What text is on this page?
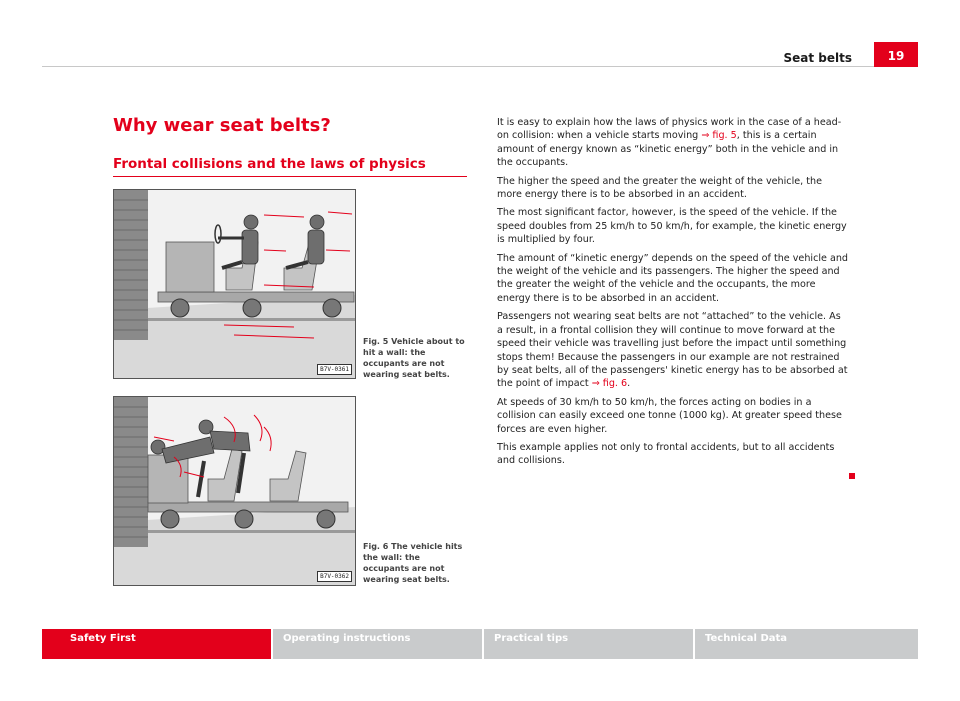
Seat belts	19
Why wear seat belts?
Frontal collisions and the laws of physics
B7V-0361
Fig. 5 Vehicle about to hit a wall: the occupants are not wearing seat belts.
B7V-0362
Fig. 6 The vehicle hits the wall: the occupants are not wearing seat belts.

It is easy to explain how the laws of physics work in the case of a head-on collision: when a vehicle starts moving ⇒ fig. 5, this is a certain amount of energy known as “kinetic energy” both in the vehicle and in the occupants.

The higher the speed and the greater the weight of the vehicle, the more energy there is to be absorbed in an accident.

The most significant factor, however, is the speed of the vehicle. If the speed doubles from 25 km/h to 50 km/h, for example, the kinetic energy is multiplied by four.

The amount of “kinetic energy” depends on the speed of the vehicle and the weight of the vehicle and its passengers. The higher the speed and the greater the weight of the vehicle and the occupants, the more energy there is to be absorbed in an accident.

Passengers not wearing seat belts are not “attached” to the vehicle. As a result, in a frontal collision they will continue to move forward at the speed their vehicle was travelling just before the impact until something stops them! Because the passengers in our example are not restrained by seat belts, all of the passengers' kinetic energy has to be absorbed at the point of impact ⇒ fig. 6.

At speeds of 30 km/h to 50 km/h, the forces acting on bodies in a collision can easily exceed one tonne (1000 kg). At greater speed these forces are even higher.

This example applies not only to frontal accidents, but to all accidents and collisions.

Safety First	Operating instructions	Practical tips	Technical Data
